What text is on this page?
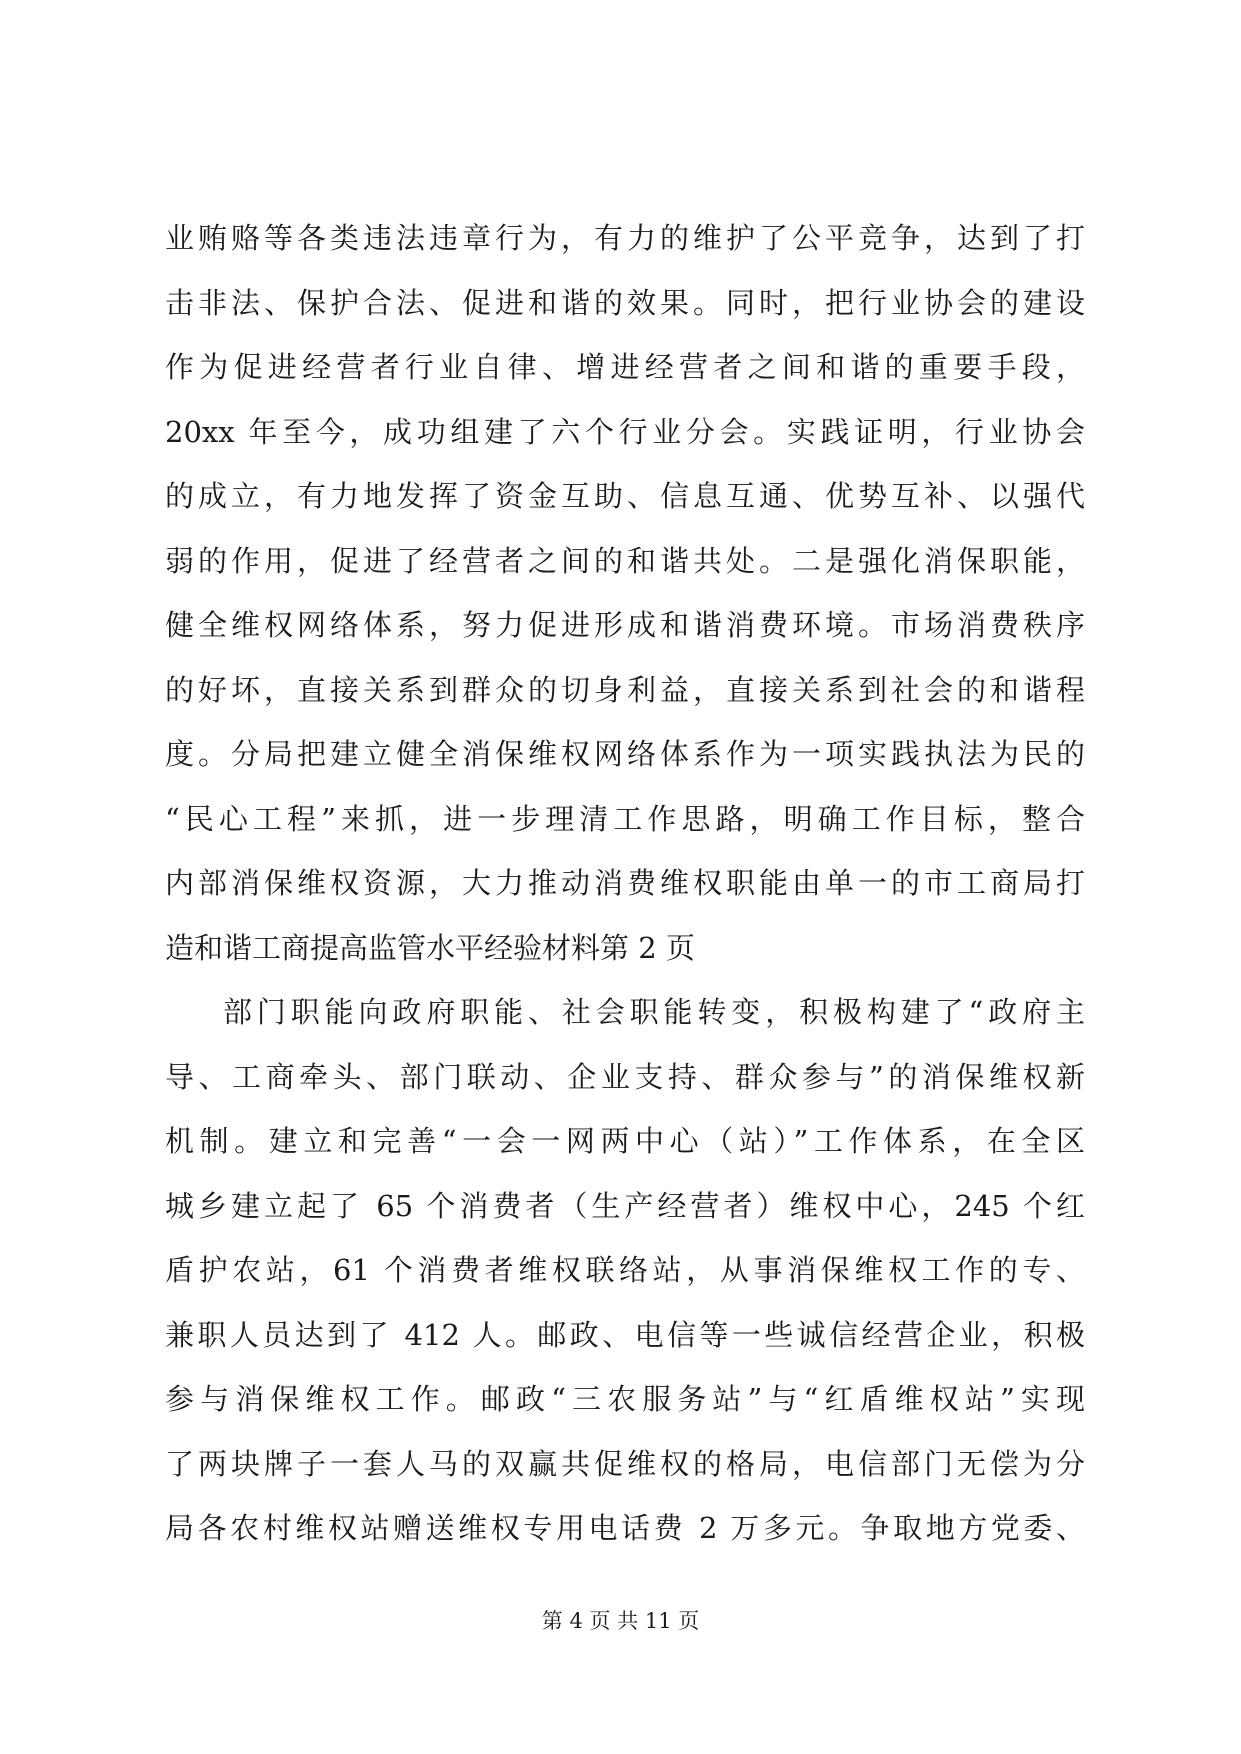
业贿赂等各类违法违章行为，有力的维护了公平竞争，达到了打
击非法、保护合法、促进和谐的效果。同时，把行业协会的建设
作为促进经营者行业自律、增进经营者之间和谐的重要手段，
20xx 年至今，成功组建了六个行业分会。实践证明，行业协会
的成立，有力地发挥了资金互助、信息互通、优势互补、以强代
弱的作用，促进了经营者之间的和谐共处。二是强化消保职能，
健全维权网络体系，努力促进形成和谐消费环境。市场消费秩序
的好坏，直接关系到群众的切身利益，直接关系到社会的和谐程
度。分局把建立健全消保维权网络体系作为一项实践执法为民的
“民心工程”来抓，进一步理清工作思路，明确工作目标，整合
内部消保维权资源，大力推动消费维权职能由单一的市工商局打
造和谐工商提高监管水平经验材料第 2 页
部门职能向政府职能、社会职能转变，积极构建了“政府主
导、工商牵头、部门联动、企业支持、群众参与”的消保维权新
机制。建立和完善“一会一网两中心（站）”工作体系，在全区
城乡建立起了 65 个消费者（生产经营者）维权中心，245 个红
盾护农站，61 个消费者维权联络站，从事消保维权工作的专、
兼职人员达到了 412 人。邮政、电信等一些诚信经营企业，积极
参与消保维权工作。邮政“三农服务站”与“红盾维权站”实现
了两块牌子一套人马的双赢共促维权的格局，电信部门无偿为分
局各农村维权站赠送维权专用电话费 2 万多元。争取地方党委、
第 4 页 共 11 页
